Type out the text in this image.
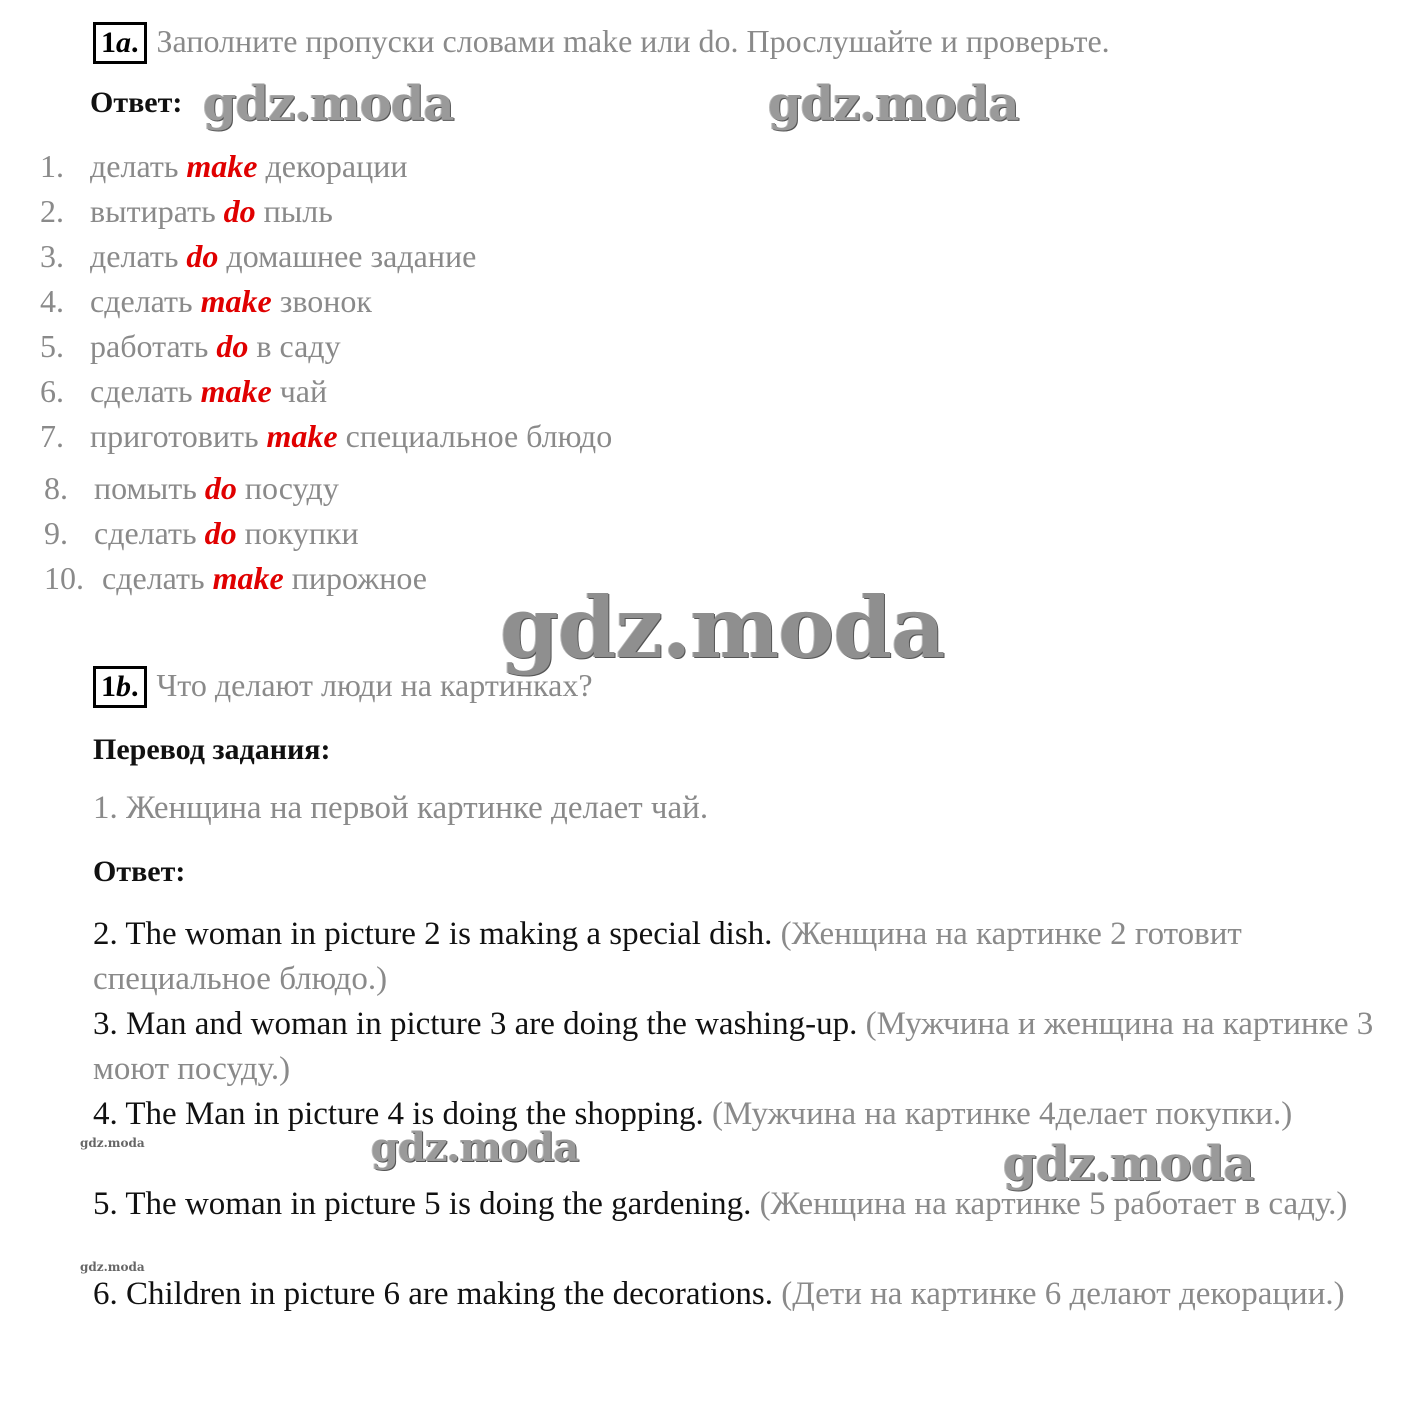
1a. Заполните пропуски словами make или do. Прослушайте и проверьте.
Ответ: gdz.moda	gdz.moda
1. делать make декорации
2. вытирать do пыль
3. делать do домашнее задание
4. сделать make звонок
5. работать do в саду
6. сделать make чай
7. приготовить make специальное блюдо
8. помыть do посуду
9. сделать do покупки
10. сделать make пирожное gdz.moda
1b. Что делают люди на картинках?
Перевод задания:
1. Женщина на первой картинке делает чай.
Ответ:
2. The woman in picture 2 is making a special dish. (Женщина на картинке 2 готовит специальное блюдо.)
3. Man and woman in picture 3 are doing the washing-up. (Мужчина и женщина на картинке 3 моют посуду.)
4. The Man in picture 4 is doing the shopping. (Мужчина на картинке 4делает покупки.)
5. The woman in picture 5 is doing the gardening. (Женщина на картинке 5 работает в саду.)
6. Children in picture 6 are making the decorations. (Дети на картинке 6 делают декорации.)
gdz.moda	gdz.moda	gdz.moda
gdz.moda
